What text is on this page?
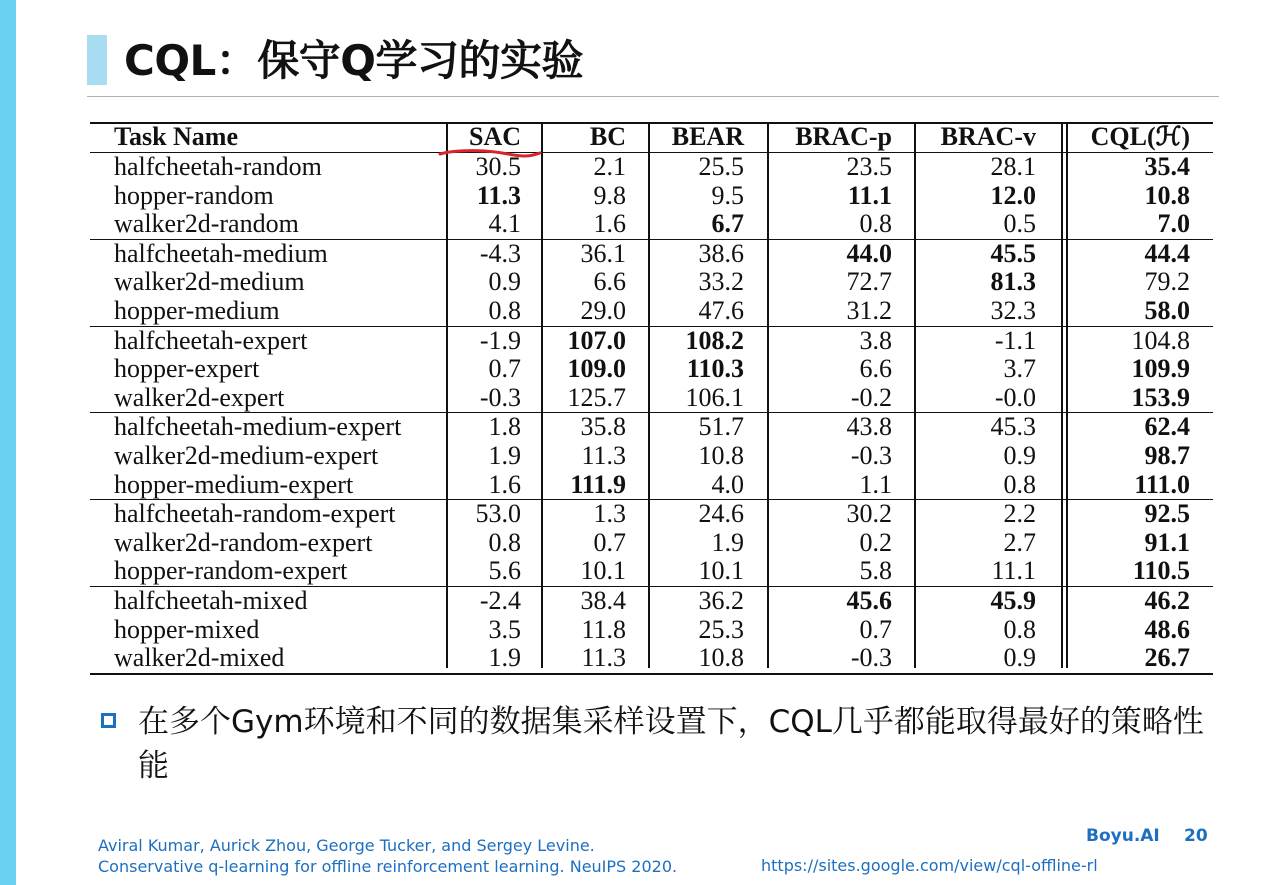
CQL：保守Q学习的实验
Task Name	SAC	BC BEAR BRAC-p BRAC-v CQL(ℋ)
halfcheetah-random	30.5	2.1	25.5	23.5	28.1	35.4
hopper-random	11.3	9.8	9.5	11.1	12.0	10.8
walker2d-random	4.1	1.6	6.7	0.8	0.5	7.0
halfcheetah-medium	-4.3 36.1	38.6	44.0	45.5	44.4
walker2d-medium	0.9	6.6	33.2	72.7	81.3	79.2
hopper-medium	0.8 29.0	47.6	31.2	32.3	58.0
halfcheetah-expert	-1.9 107.0 108.2	3.8	-1.1	104.8
hopper-expert	0.7 109.0 110.3	6.6	3.7	109.9
walker2d-expert	-0.3 125.7 106.1	-0.2	-0.0	153.9
halfcheetah-medium-expert	1.8 35.8	51.7	43.8	45.3	62.4
walker2d-medium-expert	1.9 11.3	10.8	-0.3	0.9	98.7
hopper-medium-expert	1.6 111.9	4.0	1.1	0.8	111.0
halfcheetah-random-expert	53.0	1.3	24.6	30.2	2.2	92.5
walker2d-random-expert	0.8	0.7	1.9	0.2	2.7	91.1
hopper-random-expert	5.6 10.1	10.1	5.8	11.1	110.5
halfcheetah-mixed	-2.4 38.4	36.2	45.6	45.9	46.2
hopper-mixed	3.5 11.8	25.3	0.7	0.8	48.6
walker2d-mixed	1.9 11.3	10.8	-0.3	0.9	26.7
在多个Gym环境和不同的数据集采样设置下，CQL几乎都能取得最好的策略性能
Aviral Kumar, Aurick Zhou, George Tucker, and Sergey Levine.
Conservative q-learning for offline reinforcement learning. NeuIPS 2020.	https://sites.google.com/view/cql-offline-rl
Boyu.AI 20
